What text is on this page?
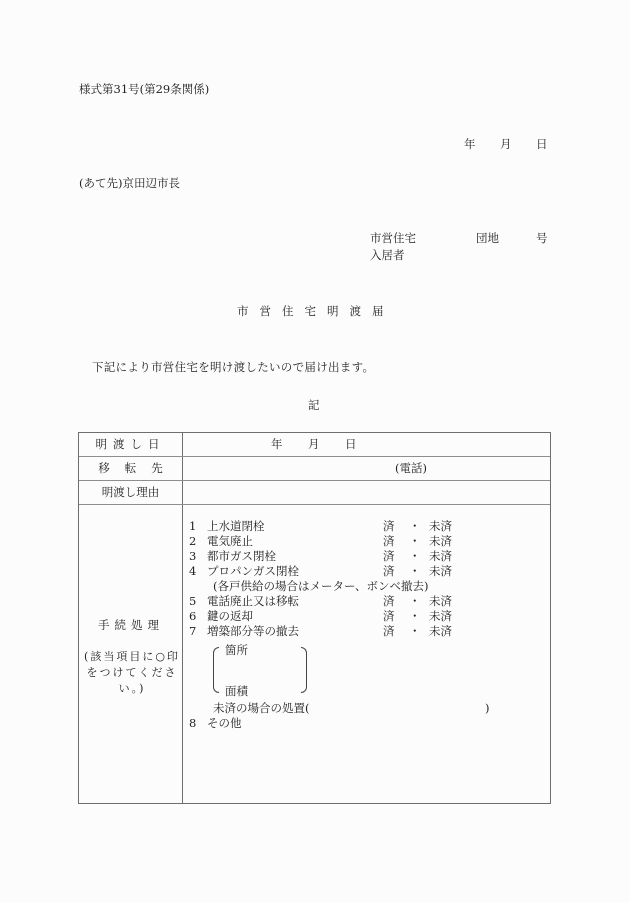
様式第31号(第29条関係)
年 月 日
(あて先)京田辺市長
市営住宅	団地	号
入居者
市営住宅明渡届
下記により市営住宅を明け渡したいので届け出ます。
記
明渡し日	年 月 日
移転先	(電話)
明渡し理由
手続処理
(該当項目に○印をつけてください。)
1 上水道閉栓	済 ・ 未済
2 電気廃止	済 ・ 未済
3 都市ガス閉栓	済 ・ 未済
4 プロパンガス閉栓	済 ・ 未済
(各戸供給の場合はメーター、ボンベ撤去)
5 電話廃止又は移転	済 ・ 未済
6 鍵の返却	済 ・ 未済
7 増築部分等の撤去	済 ・ 未済
箇所
面積
未済の場合の処置(	)
8 その他
